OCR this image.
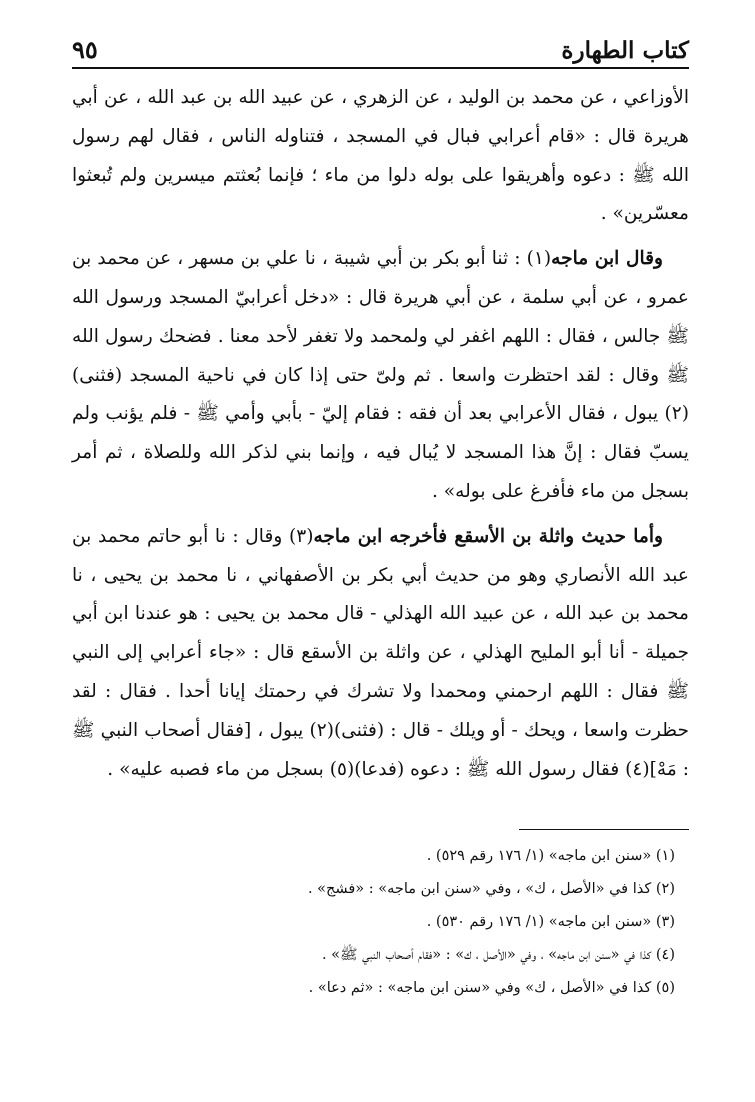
كتاب الطهارة
٩٥

الأوزاعي ، عن محمد بن الوليد ، عن الزهري ، عن عبيد الله بن عبد الله ، عن أبي هريرة قال : «قام أعرابي فبال في المسجد ، فتناوله الناس ، فقال لهم رسول الله ﷺ : دعوه وأهريقوا على بوله دلوا من ماء ؛ فإنما بُعثتم ميسرين ولم تُبعثوا معسّرين» .

وقال ابن ماجه(١) : ثنا أبو بكر بن أبي شيبة ، نا علي بن مسهر ، عن محمد بن عمرو ، عن أبي سلمة ، عن أبي هريرة قال : «دخل أعرابيّ المسجد ورسول الله ﷺ جالس ، فقال : اللهم اغفر لي ولمحمد ولا تغفر لأحد معنا . فضحك رسول الله ﷺ وقال : لقد احتظرت واسعا . ثم ولىّ حتى إذا كان في ناحية المسجد (فثنى)(٢) يبول ، فقال الأعرابي بعد أن فقه : فقام إليّ - بأبي وأمي ﷺ - فلم يؤنب ولم يسبّ فقال : إنَّ هذا المسجد لا يُبال فيه ، وإنما بني لذكر الله وللصلاة ، ثم أمر بسجل من ماء فأفرغ على بوله» .

وأما حديث واثلة بن الأسقع فأخرجه ابن ماجه(٣) وقال : نا أبو حاتم محمد بن عبد الله الأنصاري وهو من حديث أبي بكر بن الأصفهاني ، نا محمد بن يحيى ، نا محمد بن عبد الله ، عن عبيد الله الهذلي - قال محمد بن يحيى : هو عندنا ابن أبي جميلة - أنا أبو المليح الهذلي ، عن واثلة بن الأسقع قال : «جاء أعرابي إلى النبي ﷺ فقال : اللهم ارحمني ومحمدا ولا تشرك في رحمتك إيانا أحدا . فقال : لقد حظرت واسعا ، ويحك - أو ويلك - قال : (فثنى)(٢) يبول ، [فقال أصحاب النبي ﷺ : مَهْ](٤) فقال رسول الله ﷺ : دعوه (فدعا)(٥) بسجل من ماء فصبه عليه» .

(١) «سنن ابن ماجه» (١/ ١٧٦ رقم ٥٢٩) .
(٢) كذا في «الأصل ، ك» ، وفي «سنن ابن ماجه» : «فشج» .
(٣) «سنن ابن ماجه» (١/ ١٧٦ رقم ٥٣٠) .
(٤) كذا في «سنن ابن ماجه» ، وفي «الأصل ، ك» : «فقام أصحاب النبي ﷺ» .
(٥) كذا في «الأصل ، ك» وفي «سنن ابن ماجه» : «ثم دعا» .
